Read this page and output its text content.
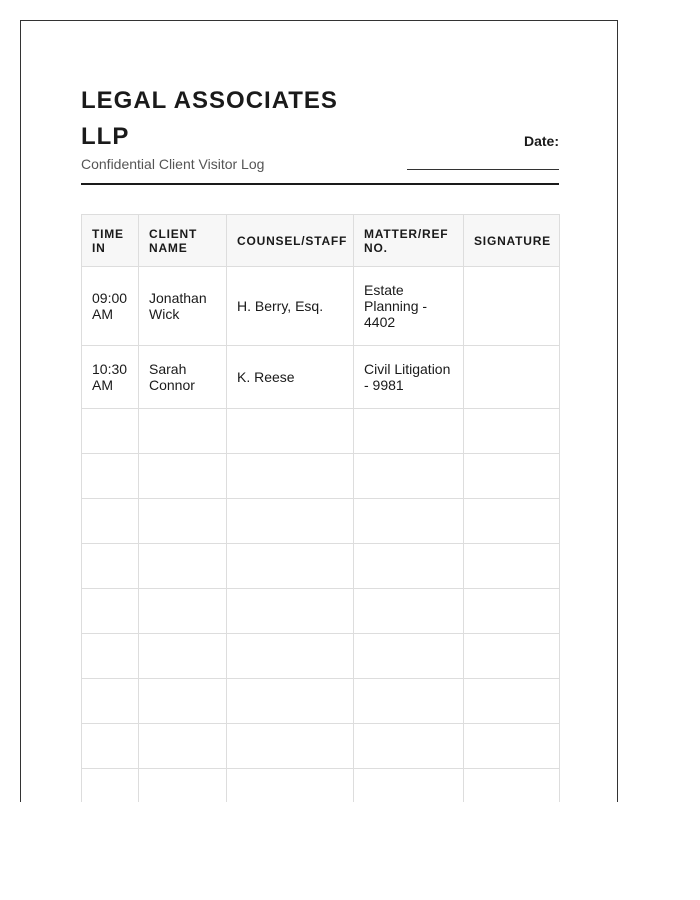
LEGAL ASSOCIATES LLP
Confidential Client Visitor Log
Date:
TIME IN	CLIENT NAME	COUNSEL/STAFF	MATTER/REF NO.	SIGNATURE
09:00 AM	Jonathan Wick	H. Berry, Esq.	Estate Planning - 4402	
10:30 AM	Sarah Connor	K. Reese	Civil Litigation - 9981	
